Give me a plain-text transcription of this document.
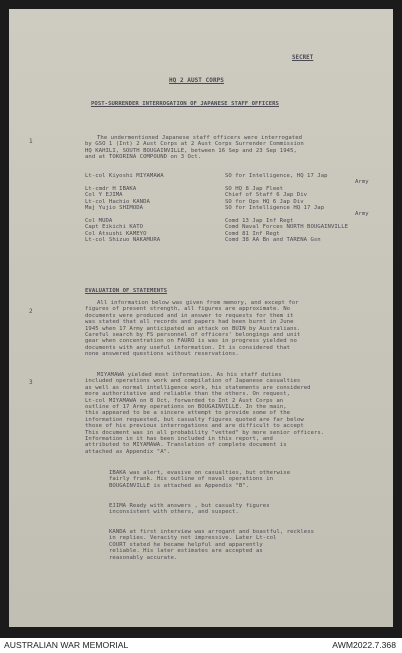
SECRET
HQ 2 AUST CORPS
POST-SURRENDER INTERROGATION OF JAPANESE STAFF OFFICERS
1	The undermentioned Japanese staff officers were interrogated
by GSO 1 (Int) 2 Aust Corps at 2 Aust Corps Surrender Commission
HQ KAHILI, SOUTH BOUGAINVILLE, between 16 Sep and 23 Sep 1945,
and at TOKORINA COMPOUND on 3 Oct.
Lt-col Kiyoshi MIYAMAWA	SO for Intelligence, HQ 17 Jap
Army
Lt-cmdr H IBAKA	SO HQ 8 Jap Fleet
Col Y EJIMA	Chief of Staff 6 Jap Div
Lt-col Hachio KANDA	SO for Ops HQ 6 Jap Div
Maj Yujio SHIMODA	SO for Intelligence HQ 17 Jap
Army
Col MUDA	Comd 13 Jap Inf Regt
Capt Eikichi KATO	Comd Naval Forces NORTH BOUGAINVILLE
Col Atsushi KAMEYO	Comd 81 Inf Regt
Lt-col Shizuo NAKAMURA	Comd 38 AA Bn and TARENA Gsn
EVALUATION OF STATEMENTS
2
All information below was given from memory, and except for
figures of present strength, all figures are approximate. No
documents were produced and in answer to requests for them it
was stated that all records and papers had been burnt in June
1945 when 17 Army anticipated an attack on BUIN by Australians.
Careful search by FS personnel of officers' belongings and unit
gear when concentration on FAURO is was in progress yielded no
documents with any useful information. It is considered that
none answered questions without reservations.
3
MIYAMAWA yielded most information. As his staff duties
included operations work and compilation of Japanese casualties
as well as normal intelligence work, his statements are considered
more authoritative and reliable than the others. On request,
Lt-col MIYAMAWA on 8 Oct, forwarded to Int 2 Aust Corps an
outline of 17 Army operations on BOUGAINVILLE. In the main,
this appeared to be a sincere attempt to provide some of the
information requested, but casualty figures quoted are far below
those of his previous interrogations and are difficult to accept
This document was in all probability "vetted" by more senior officers.
Information in it has been included in this report, and
attributed to MIYAMAWA. Translation of complete document is
attached as Appendix "A".
IBAKA was alert, evasive on casualties, but otherwise
fairly frank. His outline of naval operations in
BOUGAINVILLE is attached as Appendix "B".
EJIMA Ready with answers , but casualty figures
inconsistent with others, and suspect.
KANDA at first interview was arrogant and boastful, reckless
in replies. Veracity not impressive. Later Lt-col
COURT stated he became helpful and apparently
reliable. His later estimates are accepted as
reasonably accurate.
AUSTRALIAN WAR MEMORIAL	AWM2022.7.368
